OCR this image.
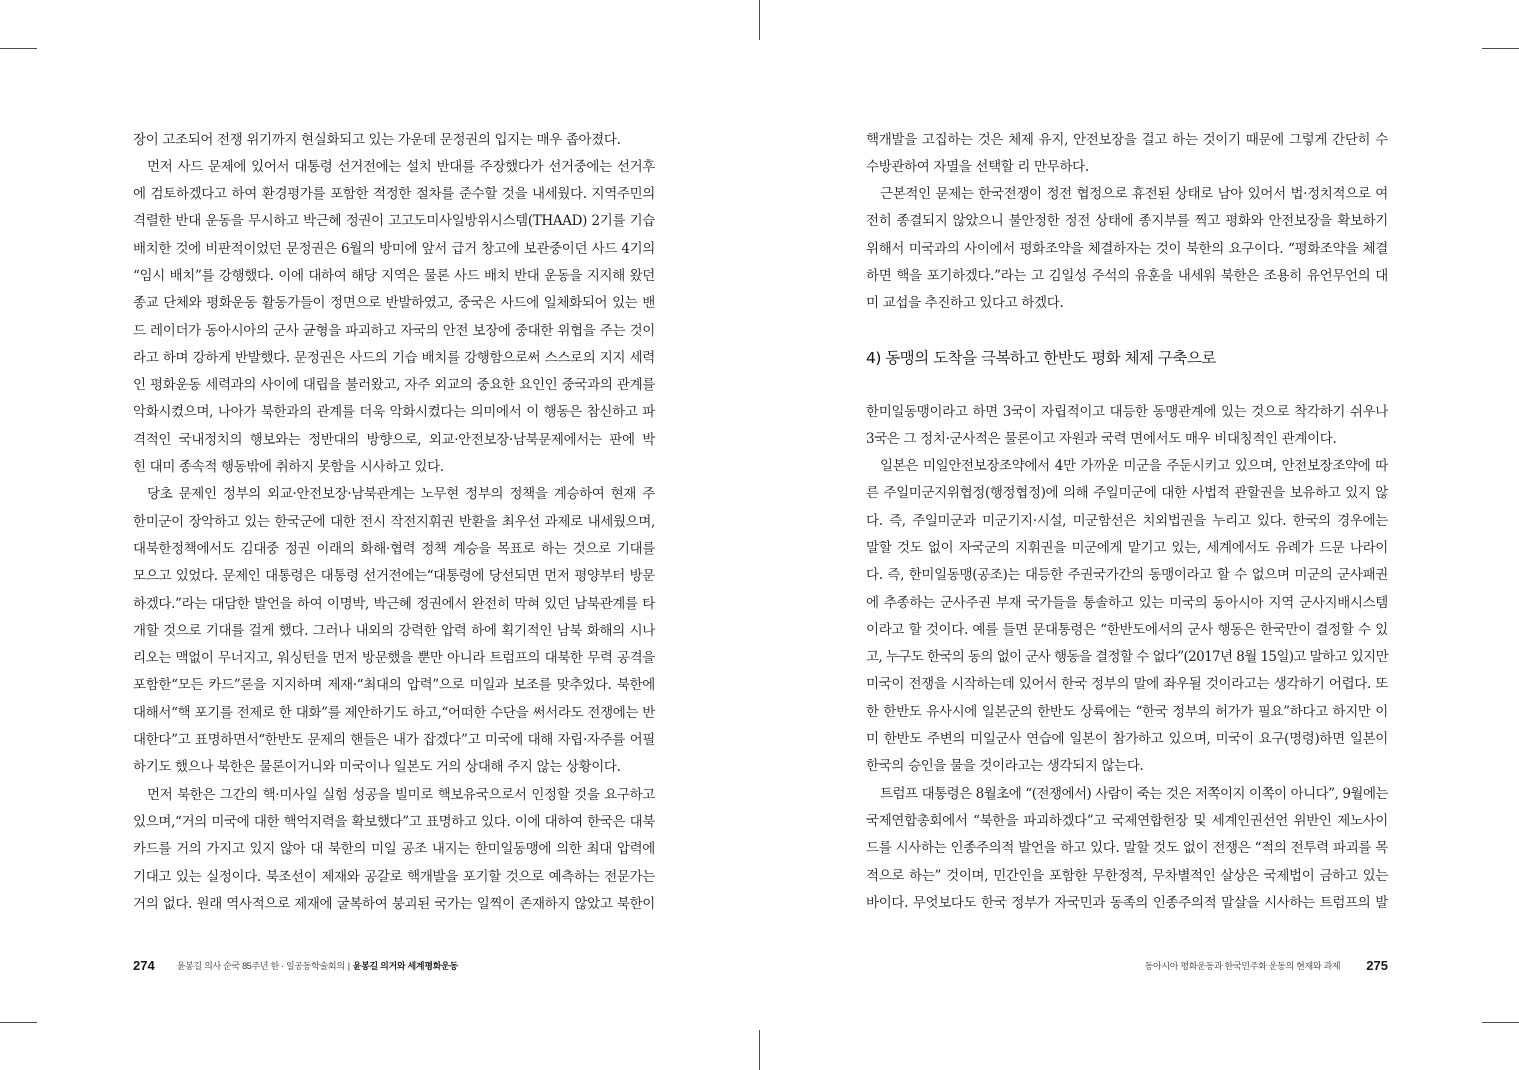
장이 고조되어 전쟁 위기까지 현실화되고 있는 가운데 문정권의 입지는 매우 좁아졌다.
먼저 사드 문제에 있어서 대통령 선거전에는 설치 반대를 주장했다가 선거중에는 선거후
에 검토하겠다고 하여 환경평가를 포함한 적정한 절차를 준수할 것을 내세웠다. 지역주민의
격렬한 반대 운동을 무시하고 박근혜 정권이 고고도미사일방위시스템(THAAD) 2기를 기습
배치한 것에 비판적이었던 문정권은 6월의 방미에 앞서 급거 창고에 보관중이던 사드 4기의
“임시 배치”를 강행했다. 이에 대하여 해당 지역은 물론 사드 배치 반대 운동을 지지해 왔던
종교 단체와 평화운동 활동가들이 정면으로 반발하였고, 중국은 사드에 일체화되어 있는 밴
드 레이더가 동아시아의 군사 균형을 파괴하고 자국의 안전 보장에 중대한 위협을 주는 것이
라고 하며 강하게 반발했다. 문정권은 사드의 기습 배치를 강행함으로써 스스로의 지지 세력
인 평화운동 세력과의 사이에 대립을 불러왔고, 자주 외교의 중요한 요인인 중국과의 관계를
악화시켰으며, 나아가 북한과의 관계를 더욱 악화시켰다는 의미에서 이 행동은 참신하고 파
격적인 국내정치의 행보와는 정반대의 방향으로, 외교·안전보장·남북문제에서는 판에 박
힌 대미 종속적 행동밖에 취하지 못함을 시사하고 있다.
당초 문제인 정부의 외교·안전보장·남북관계는 노무현 정부의 정책을 계승하여 현재 주
한미군이 장악하고 있는 한국군에 대한 전시 작전지휘권 반환을 최우선 과제로 내세웠으며,
대북한정책에서도 김대중 정권 이래의 화해·협력 정책 계승을 목표로 하는 것으로 기대를
모으고 있었다. 문제인 대통령은 대통령 선거전에는“대통령에 당선되면 먼저 평양부터 방문
하겠다.”라는 대담한 발언을 하여 이명박, 박근혜 정권에서 완전히 막혀 있던 남북관계를 타
개할 것으로 기대를 걸게 했다. 그러나 내외의 강력한 압력 하에 획기적인 남북 화해의 시나
리오는 맥없이 무너지고, 워싱턴을 먼저 방문했을 뿐만 아니라 트럼프의 대북한 무력 공격을
포함한“모든 카드”론을 지지하며 제재·“최대의 압력”으로 미일과 보조를 맞추었다. 북한에
대해서“핵 포기를 전제로 한 대화”를 제안하기도 하고,“어떠한 수단을 써서라도 전쟁에는 반
대한다”고 표명하면서“한반도 문제의 핸들은 내가 잡겠다”고 미국에 대해 자립·자주를 어필
하기도 했으나 북한은 물론이거니와 미국이나 일본도 거의 상대해 주지 않는 상황이다.
먼저 북한은 그간의 핵·미사일 실험 성공을 빌미로 핵보유국으로서 인정할 것을 요구하고
있으며,“거의 미국에 대한 핵억지력을 확보했다”고 표명하고 있다. 이에 대하여 한국은 대북
카드를 거의 가지고 있지 않아 대 북한의 미일 공조 내지는 한미일동맹에 의한 최대 압력에
기대고 있는 실정이다. 북조선이 제재와 공갈로 핵개발을 포기할 것으로 예측하는 전문가는
거의 없다. 원래 역사적으로 제재에 굴복하여 붕괴된 국가는 일찍이 존재하지 않았고 북한이
274 윤봉길 의사 순국 85주년 한 · 일공동학술회의 | 윤봉길 의거와 세계평화운동
핵개발을 고집하는 것은 체제 유지, 안전보장을 걸고 하는 것이기 때문에 그렇게 간단히 수
수방관하여 자멸을 선택할 리 만무하다.
근본적인 문제는 한국전쟁이 정전 협정으로 휴전된 상태로 남아 있어서 법·정치적으로 여
전히 종결되지 않았으니 불안정한 정전 상태에 종지부를 찍고 평화와 안전보장을 확보하기
위해서 미국과의 사이에서 평화조약을 체결하자는 것이 북한의 요구이다. “평화조약을 체결
하면 핵을 포기하겠다.”라는 고 김일성 주석의 유훈을 내세워 북한은 조용히 유언무언의 대
미 교섭을 추진하고 있다고 하겠다.
4) 동맹의 도착을 극복하고 한반도 평화 체제 구축으로
한미일동맹이라고 하면 3국이 자립적이고 대등한 동맹관계에 있는 것으로 착각하기 쉬우나
3국은 그 정치·군사적은 물론이고 자원과 국력 면에서도 매우 비대칭적인 관계이다.
일본은 미일안전보장조약에서 4만 가까운 미군을 주둔시키고 있으며, 안전보장조약에 따
른 주일미군지위협정(행정협정)에 의해 주일미군에 대한 사법적 관할권을 보유하고 있지 않
다. 즉, 주일미군과 미군기지·시설, 미군함선은 치외법권을 누리고 있다. 한국의 경우에는
말할 것도 없이 자국군의 지휘권을 미군에게 맡기고 있는, 세계에서도 유례가 드문 나라이
다. 즉, 한미일동맹(공조)는 대등한 주권국가간의 동맹이라고 할 수 없으며 미군의 군사패권
에 추종하는 군사주권 부재 국가들을 통솔하고 있는 미국의 동아시아 지역 군사지배시스템
이라고 할 것이다. 예를 들면 문대통령은 “한반도에서의 군사 행동은 한국만이 결정할 수 있
고, 누구도 한국의 동의 없이 군사 행동을 결정할 수 없다”(2017년 8월 15일)고 말하고 있지만
미국이 전쟁을 시작하는데 있어서 한국 정부의 말에 좌우될 것이라고는 생각하기 어렵다. 또
한 한반도 유사시에 일본군의 한반도 상륙에는 “한국 정부의 허가가 필요”하다고 하지만 이
미 한반도 주변의 미일군사 연습에 일본이 참가하고 있으며, 미국이 요구(명령)하면 일본이
한국의 승인을 물을 것이라고는 생각되지 않는다.
트럼프 대통령은 8월초에 “(전쟁에서) 사람이 죽는 것은 저쪽이지 이쪽이 아니다”, 9월에는
국제연합총회에서 “북한을 파괴하겠다”고 국제연합헌장 및 세계인권선언 위반인 제노사이
드를 시사하는 인종주의적 발언을 하고 있다. 말할 것도 없이 전쟁은 “적의 전투력 파괴를 목
적으로 하는” 것이며, 민간인을 포함한 무한정적, 무차별적인 살상은 국제법이 금하고 있는
바이다. 무엇보다도 한국 정부가 자국민과 동족의 인종주의적 말살을 시사하는 트럼프의 발
동아시아 평화운동과 한국민주화 운동의 현재와 과제 275
